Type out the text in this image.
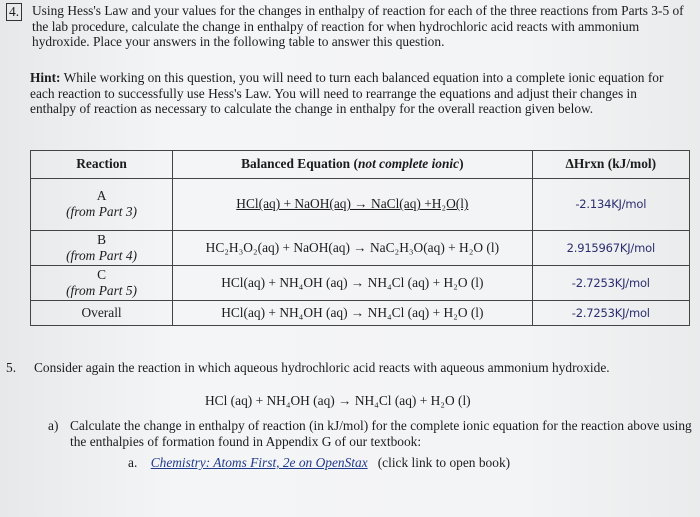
4. Using Hess's Law and your values for the changes in enthalpy of reaction for each of the three reactions from Parts 3-5 of the lab procedure, calculate the change in enthalpy of reaction for when hydrochloric acid reacts with ammonium hydroxide. Place your answers in the following table to answer this question.
Hint: While working on this question, you will need to turn each balanced equation into a complete ionic equation for each reaction to successfully use Hess's Law. You will need to rearrange the equations and adjust their changes in enthalpy of reaction as necessary to calculate the change in enthalpy for the overall reaction given below.
Reaction	Balanced Equation (not complete ionic)	ΔHrxn (kJ/mol)

A
(from Part 3)	HCl(aq) + NaOH(aq) → NaCl(aq) +H₂O(l)	-2.134KJ/mol

B
(from Part 4)	HC₂H₃O₂(aq) + NaOH(aq) → NaC₂H₃O(aq) + H₂O (l)	2.915967KJ/mol

C
(from Part 5)	HCl(aq) + NH₄OH (aq) → NH₄Cl (aq) + H₂O (l)	-2.7253KJ/mol
Overall	HCl(aq) + NH₄OH (aq) → NH₄Cl (aq) + H₂O (l)	-2.7253KJ/mol
5. Consider again the reaction in which aqueous hydrochloric acid reacts with aqueous ammonium hydroxide.
HCl (aq) + NH₄OH (aq) → NH₄Cl (aq) + H₂O (l)
a) Calculate the change in enthalpy of reaction (in kJ/mol) for the complete ionic equation for the reaction above using the enthalpies of formation found in Appendix G of our textbook:
a. Chemistry: Atoms First, 2e on OpenStax (click link to open book)
